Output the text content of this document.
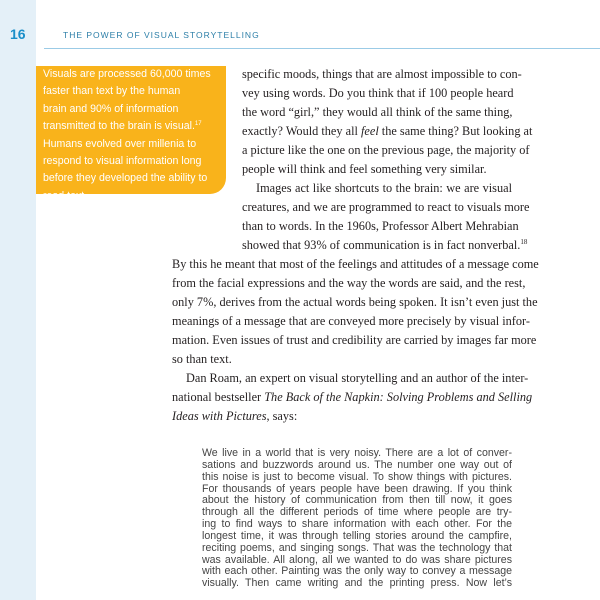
16	THE POWER OF VISUAL STORYTELLING

Visuals are processed 60,000 times
faster than text by the human
brain and 90% of information
transmitted to the brain is visual.$^{17}$
Humans evolved over millenia to
respond to visual information long
before they developed the ability to
read text.

specific moods, things that are almost impossible to con-
vey using words. Do you think that if 100 people heard
the word “girl,” they would all think of the same thing,
exactly? Would they all feel the same thing? But looking at
a picture like the one on the previous page, the majority of
people will think and feel something very similar.
Images act like shortcuts to the brain: we are visual
creatures, and we are programmed to react to visuals more
than to words. In the 1960s, Professor Albert Mehrabian
showed that 93% of communication is in fact nonverbal.$^{18}$
By this he meant that most of the feelings and attitudes of a message come
from the facial expressions and the way the words are said, and the rest,
only 7%, derives from the actual words being spoken. It isn’t even just the
meanings of a message that are conveyed more precisely by visual infor-
mation. Even issues of trust and credibility are carried by images far more
so than text.
Dan Roam, an expert on visual storytelling and an author of the inter-
national bestseller The Back of the Napkin: Solving Problems and Selling
Ideas with Pictures, says:
We live in a world that is very noisy. There are a lot of conver-
sations and buzzwords around us. The number one way out of
this noise is just to become visual. To show things with pictures.
For thousands of years people have been drawing. If you think
about the history of communication from then till now, it goes
through all the different periods of time where people are try-
ing to find ways to share information with each other. For the
longest time, it was through telling stories around the campfire,
reciting poems, and singing songs. That was the technology that
was available. All along, all we wanted to do was share pictures
with each other. Painting was the only way to convey a message
visually. Then came writing and the printing press. Now let’s
